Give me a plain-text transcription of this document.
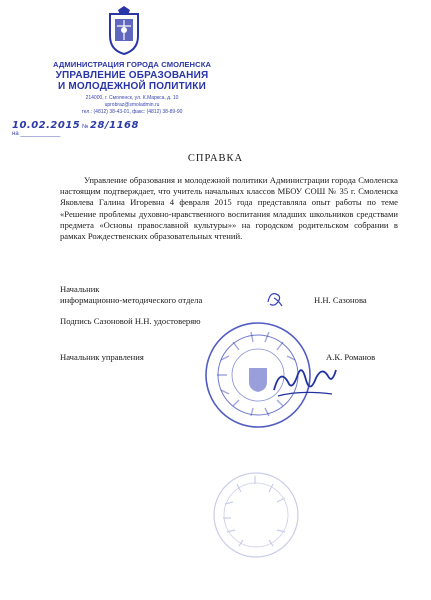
АДМИНИСТРАЦИЯ ГОРОДА СМОЛЕНСКА
УПРАВЛЕНИЕ ОБРАЗОВАНИЯ
И МОЛОДЕЖНОЙ ПОЛИТИКИ
214000, г. Смоленск, ул. К.Маркса, д. 10
uprobraz@smoladmin.ru
тел.: (4812) 38-43-01, факс: (4812) 38-89-90
10.02.2015 № 28/1168
на ____________
СПРАВКА
Управление образования и молодежной политики Администрации города Смоленска настоящим подтверждает, что учитель начальных классов МБОУ СОШ № 35 г. Смоленска Яковлева Галина Игоревна 4 февраля 2015 года представляла опыт работы по теме «Решение проблемы духовно-нравственного воспитания младших школьников средствами предмета «Основы православной культуры»» на городском родительском собрании в рамках Рождественских образовательных чтений.
Начальник
информационно-методического отдела	Н.Н. Сазонова
Подпись Сазоновой Н.Н. удостоверяю
Начальник управления	А.К. Романов
